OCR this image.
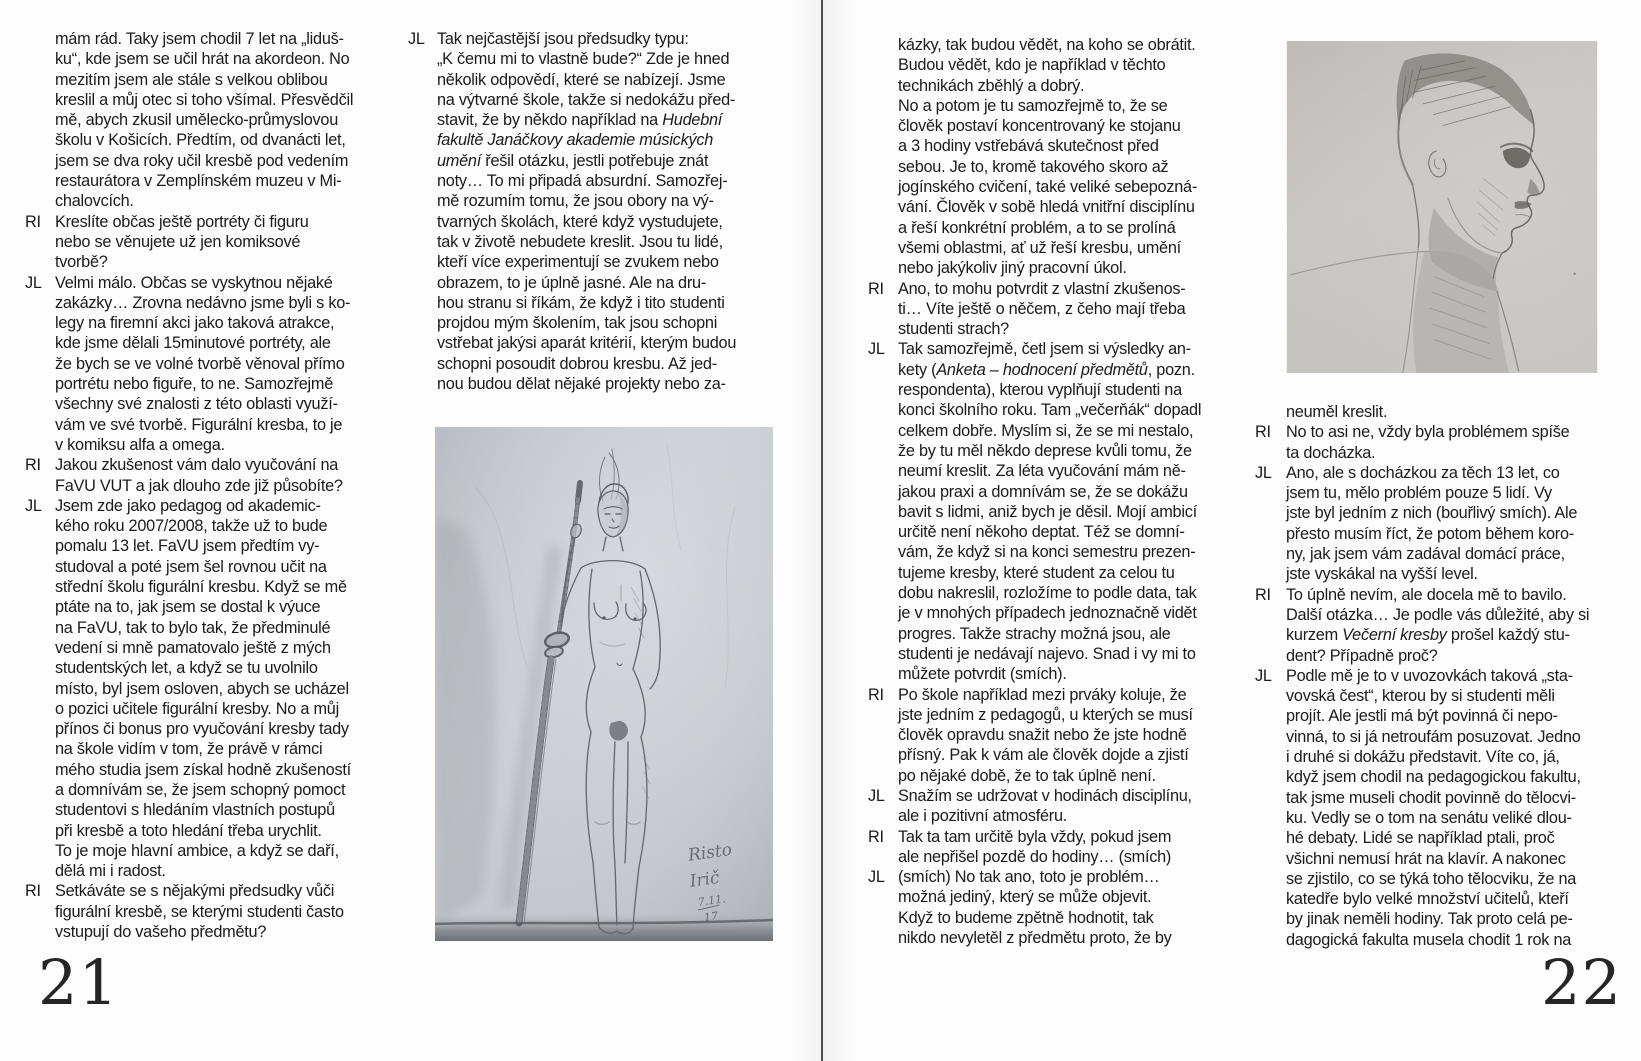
mám rád. Taky jsem chodil 7 let na „liduš-
ku“, kde jsem se učil hrát na akordeon. No
mezitím jsem ale stále s velkou oblibou
kreslil a můj otec si toho všímal. Přesvědčil
mě, abych zkusil umělecko-průmyslovou
školu v Košicích. Předtím, od dvanácti let,
jsem se dva roky učil kresbě pod vedením
restaurátora v Zemplínském muzeu v Mi-
chalovcích.
RI Kreslíte občas ještě portréty či figuru
nebo se věnujete už jen komiksové
tvorbě?
JL Velmi málo. Občas se vyskytnou nějaké
zakázky… Zrovna nedávno jsme byli s ko-
legy na firemní akci jako taková atrakce,
kde jsme dělali 15minutové portréty, ale
že bych se ve volné tvorbě věnoval přímo
portrétu nebo figuře, to ne. Samozřejmě
všechny své znalosti z této oblasti využí-
vám ve své tvorbě. Figurální kresba, to je
v komiksu alfa a omega.
RI Jakou zkušenost vám dalo vyučování na
FaVU VUT a jak dlouho zde již působíte?
JL Jsem zde jako pedagog od akademic-
kého roku 2007/2008, takže už to bude
pomalu 13 let. FaVU jsem předtím vy-
studoval a poté jsem šel rovnou učit na
střední školu figurální kresbu. Když se mě
ptáte na to, jak jsem se dostal k výuce
na FaVU, tak to bylo tak, že předminulé
vedení si mně pamatovalo ještě z mých
studentských let, a když se tu uvolnilo
místo, byl jsem osloven, abych se ucházel
o pozici učitele figurální kresby. No a můj
přínos či bonus pro vyučování kresby tady
na škole vidím v tom, že právě v rámci
mého studia jsem získal hodně zkušeností
a domnívám se, že jsem schopný pomoct
studentovi s hledáním vlastních postupů
při kresbě a toto hledání třeba urychlit.
To je moje hlavní ambice, a když se daří,
dělá mi i radost.
RI Setkáváte se s nějakými předsudky vůči
figurální kresbě, se kterými studenti často
vstupují do vašeho předmětu?
JL Tak nejčastější jsou předsudky typu:
„K čemu mi to vlastně bude?“ Zde je hned
několik odpovědí, které se nabízejí. Jsme
na výtvarné škole, takže si nedokážu před-
stavit, že by někdo například na Hudební
fakultě Janáčkovy akademie músických
umění řešil otázku, jestli potřebuje znát
noty… To mi připadá absurdní. Samozřej-
mě rozumím tomu, že jsou obory na vý-
tvarných školách, které když vystudujete,
tak v životě nebudete kreslit. Jsou tu lidé,
kteří více experimentují se zvukem nebo
obrazem, to je úplně jasné. Ale na dru-
hou stranu si říkám, že když i tito studenti
projdou mým školením, tak jsou schopni
vstřebat jakýsi aparát kritérií, kterým budou
schopni posoudit dobrou kresbu. Až jed-
nou budou dělat nějaké projekty nebo za-
Risto
Irič
7.11.
17
21
kázky, tak budou vědět, na koho se obrátit.
Budou vědět, kdo je například v těchto
technikách zběhlý a dobrý.
No a potom je tu samozřejmě to, že se
člověk postaví koncentrovaný ke stojanu
a 3 hodiny vstřebává skutečnost před
sebou. Je to, kromě takového skoro až
jogínského cvičení, také veliké sebepozná-
vání. Člověk v sobě hledá vnitřní disciplínu
a řeší konkrétní problém, a to se prolíná
všemi oblastmi, ať už řeší kresbu, umění
nebo jakýkoliv jiný pracovní úkol.
RI Ano, to mohu potvrdit z vlastní zkušenos-
ti… Víte ještě o něčem, z čeho mají třeba
studenti strach?
JL Tak samozřejmě, četl jsem si výsledky an-
kety (Anketa – hodnocení předmětů, pozn.
respondenta), kterou vyplňují studenti na
konci školního roku. Tam „večerňák“ dopadl
celkem dobře. Myslím si, že se mi nestalo,
že by tu měl někdo deprese kvůli tomu, že
neumí kreslit. Za léta vyučování mám ně-
jakou praxi a domnívám se, že se dokážu
bavit s lidmi, aniž bych je děsil. Mojí ambicí
určitě není někoho deptat. Též se domní-
vám, že když si na konci semestru prezen-
tujeme kresby, které student za celou tu
dobu nakreslil, rozložíme to podle data, tak
je v mnohých případech jednoznačně vidět
progres. Takže strachy možná jsou, ale
studenti je nedávají najevo. Snad i vy mi to
můžete potvrdit (smích).
RI Po škole například mezi prváky koluje, že
jste jedním z pedagogů, u kterých se musí
člověk opravdu snažit nebo že jste hodně
přísný. Pak k vám ale člověk dojde a zjistí
po nějaké době, že to tak úplně není.
JL Snažím se udržovat v hodinách disciplínu,
ale i pozitivní atmosféru.
RI Tak ta tam určitě byla vždy, pokud jsem
ale nepřišel pozdě do hodiny… (smích)
JL (smích) No tak ano, toto je problém…
možná jediný, který se může objevit.
Když to budeme zpětně hodnotit, tak
nikdo nevyletěl z předmětu proto, že by
neuměl kreslit.
RI No to asi ne, vždy byla problémem spíše
ta docházka.
JL Ano, ale s docházkou za těch 13 let, co
jsem tu, mělo problém pouze 5 lidí. Vy
jste byl jedním z nich (bouřlivý smích). Ale
přesto musím říct, že potom během koro-
ny, jak jsem vám zadával domácí práce,
jste vyskákal na vyšší level.
RI To úplně nevím, ale docela mě to bavilo.
Další otázka… Je podle vás důležité, aby si
kurzem Večerní kresby prošel každý stu-
dent? Případně proč?
JL Podle mě je to v uvozovkách taková „sta-
vovská čest“, kterou by si studenti měli
projít. Ale jestli má být povinná či nepo-
vinná, to si já netroufám posuzovat. Jedno
i druhé si dokážu představit. Víte co, já,
když jsem chodil na pedagogickou fakultu,
tak jsme museli chodit povinně do tělocvi-
ku. Vedly se o tom na senátu veliké dlou-
hé debaty. Lidé se například ptali, proč
všichni nemusí hrát na klavír. A nakonec
se zjistilo, co se týká toho tělocviku, že na
katedře bylo velké množství učitelů, kteří
by jinak neměli hodiny. Tak proto celá pe-
dagogická fakulta musela chodit 1 rok na
22
